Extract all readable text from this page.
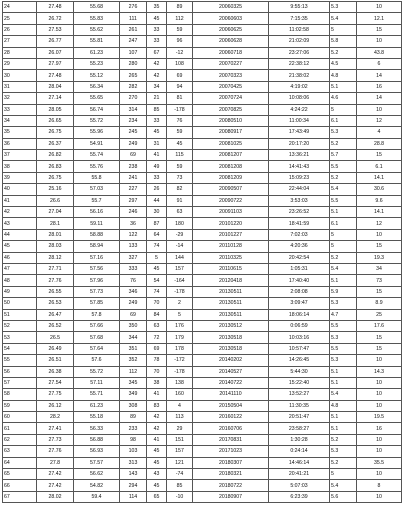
24	27.48	55.68	276	35	89	20060325	9:55:13	5.3	10
25	26.72	55.83	111	45	112	20060603	7:15:35	5.4	12.1
26	27.53	55.62	261	33	59	20060625	11:02:58	5	15
27	26.77	55.81	247	33	96	20060628	21:02:09	5.8	10
28	26.07	61.23	107	67	-12	20060718	23:27:06	5.2	43.8
29	27.97	55.23	280	42	108	20070227	22:38:12	4.5	6
30	27.48	55.12	265	42	69	20070323	21:38:02	4.8	14
31	28.04	56.34	282	34	94	20070425	4:19:02	5.1	16
32	27.14	55.65	270	21	81	20070724	10:08:06	4.6	14
33	28.05	56.74	314	85	-178	20070825	4:24:22	5	10
34	26.65	55.72	234	33	76	20080510	11:00:34	6.1	12
35	26.75	55.96	245	45	59	20080917	17:43:49	5.3	4
36	26.37	54.91	249	31	45	20081025	20:17:20	5.2	28.8
37	26.82	55.74	69	41	115	20081207	13:36:21	5.7	15
38	26.83	55.76	238	49	59	20081208	14:41:43	5.5	6.1
39	26.75	55.8	241	33	73	20081209	15:09:23	5.2	14.1
40	25.16	57.03	227	26	82	20090507	22:44:04	5.4	30.6
41	26.6	55.7	297	44	91	20090722	3:53:03	5.5	9.6
42	27.04	56.16	246	30	63	20091103	23:26:52	5.1	14.1
43	28.1	59.11	36	87	180	20101220	18:41:59	6.1	12
44	28.01	58.88	122	64	-29	20101227	7:02:03	5	10
45	28.03	58.94	133	74	-14	20110128	4:20:36	5	15
46	28.12	57.16	327	5	144	20110325	20:42:54	5.2	19.3
47	27.71	57.56	333	45	157	20110615	1:05:31	5.4	34
48	27.76	57.96	76	54	-164	20120418	17:40:40	5.1	73
49	26.55	57.73	346	74	-178	20130511	2:08:08	5.9	15
50	26.53	57.85	249	70	2	20130511	3:09:47	5.3	8.9
51	26.47	57.8	69	84	5	20130511	18:06:14	4.7	25
52	26.52	57.66	350	63	176	20130512	0:06:59	5.5	17.6
53	26.5	57.68	344	72	179	20130518	10:03:16	5.3	15
54	26.49	57.64	351	69	178	20130518	10:57:47	5.5	15
55	26.51	57.6	352	78	-172	20140202	14:26:45	5.3	10
56	26.38	55.72	112	70	-178	20140527	5:44:30	5.1	14.3
57	27.54	57.11	345	38	138	20140722	15:22:40	5.1	10
58	27.75	55.71	349	41	160	20141110	13:52:27	5.4	10
59	26.12	61.23	308	83	4	20150504	11:30:35	4.8	10
60	28.2	55.18	89	42	113	20160122	20:51:47	5.1	19.5
61	27.41	56.33	233	42	29	20160706	23:58:27	5.1	16
62	27.73	56.88	98	41	151	20170831	1:30:28	5.2	10
63	27.76	56.93	103	45	157	20171023	0:24:14	5.3	10
64	27.8	57.57	313	45	121	20180307	14:46:14	5.2	35.5
65	27.42	56.62	143	43	-74	20180321	20:41:21	5	10
66	27.42	54.82	294	45	85	20180722	5:07:03	5.4	8
67	28.02	59.4	114	65	-10	20180907	6:23:39	5.6	10
